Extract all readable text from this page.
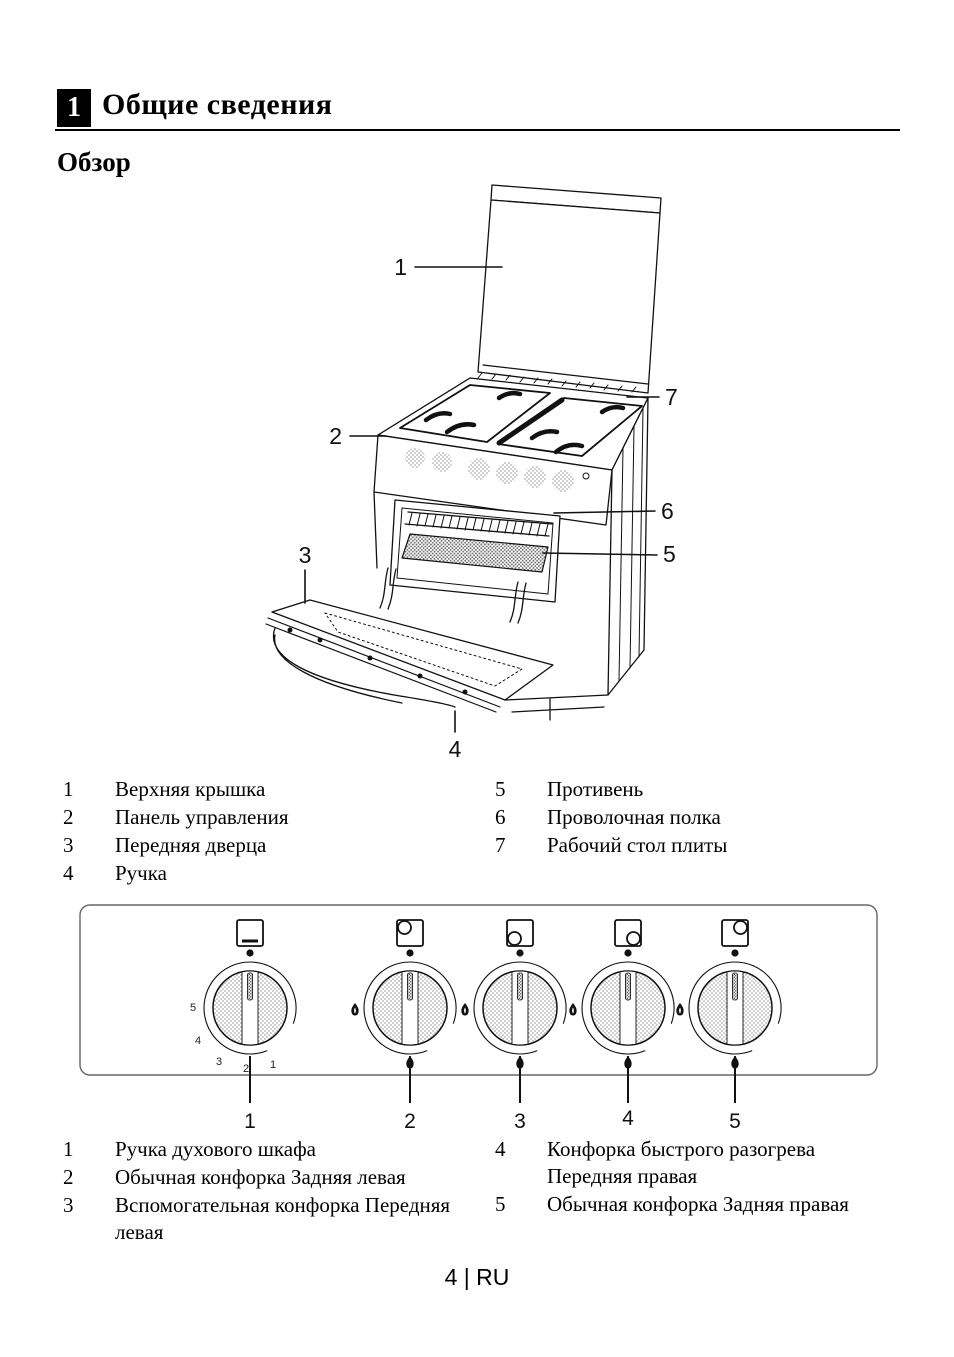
1 Общие сведения
Обзор
1
2
3
4
5
6
7
1	Верхняя крышка
2	Панель управления
3	Передняя дверца
4	Ручка
5	Противень
6	Проволочная полка
7	Рабочий стол плиты
1
2
3
4
5
1	2	3	4	5
1	Ручка духового шкафа
2	Обычная конфорка Задняя левая
3	Вспомогательная конфорка Передняя левая
4	Конфорка быстрого разогрева Передняя правая
5	Обычная конфорка Задняя правая
4 | RU
